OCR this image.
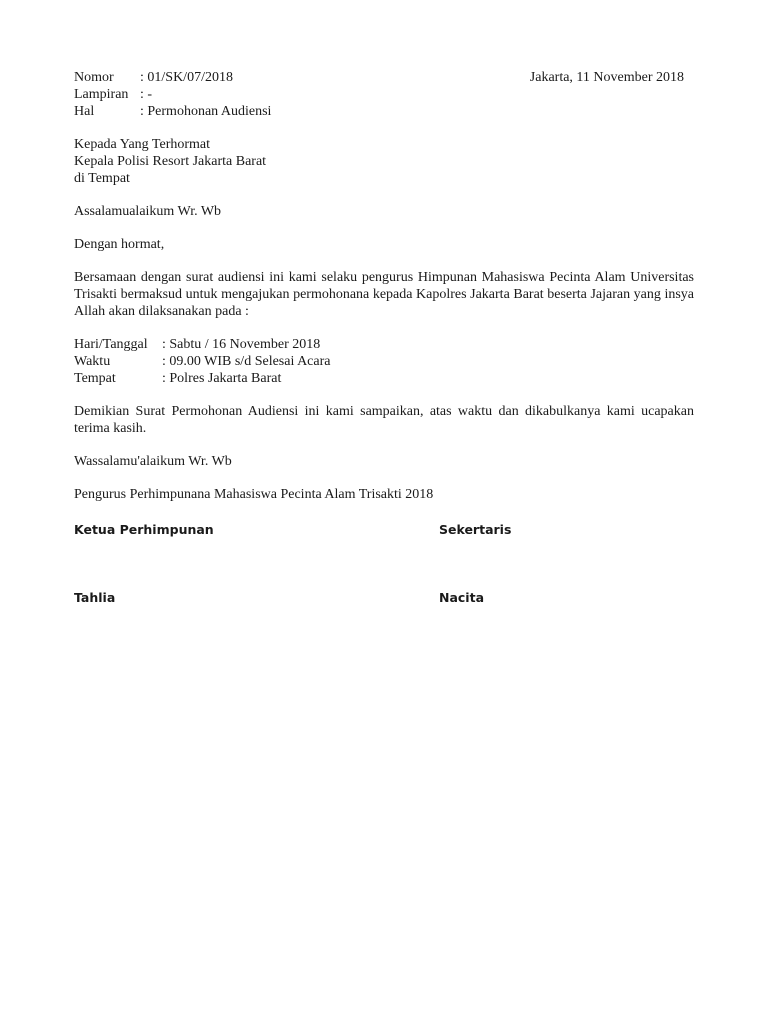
Nomor : 01/SK/07/2018	Jakarta, 11 November 2018
Lampiran : -
Hal	: Permohonan Audiensi
Kepada Yang Terhormat
Kepala Polisi Resort Jakarta Barat
di Tempat
Assalamualaikum Wr. Wb
Dengan hormat,
Bersamaan dengan surat audiensi ini kami selaku pengurus Himpunan Mahasiswa Pecinta Alam Universitas Trisakti bermaksud untuk mengajukan permohonana kepada Kapolres Jakarta Barat beserta Jajaran yang insya Allah akan dilaksanakan pada :
Hari/Tanggal : Sabtu / 16 November 2018
Waktu	: 09.00 WIB s/d Selesai Acara
Tempat	: Polres Jakarta Barat
Demikian Surat Permohonan Audiensi ini kami sampaikan, atas waktu dan dikabulkanya kami ucapakan terima kasih.
Wassalamu'alaikum Wr. Wb
Pengurus Perhimpunana Mahasiswa Pecinta Alam Trisakti 2018
Ketua Perhimpunan	Sekertaris
Tahlia	Nacita
